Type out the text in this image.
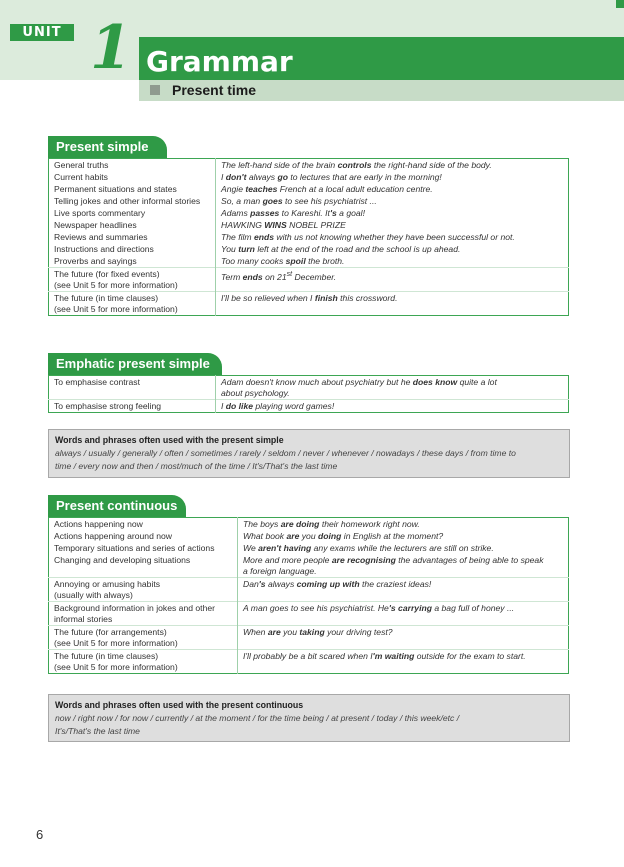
UNIT 1 Grammar
Present time
Present simple
General truths	The left-hand side of the brain controls the right-hand side of the body.

Current habits	I don't always go to lectures that are early in the morning!

Permanent situations and states	Angie teaches French at a local adult education centre.

Telling jokes and other informal stories	So, a man goes to see his psychiatrist ...

Live sports commentary	Adams passes to Kareshi. It's a goal!

Newspaper headlines	HAWKING WINS NOBEL PRIZE

Reviews and summaries	The film ends with us not knowing whether they have been successful or not.

Instructions and directions	You turn left at the end of the road and the school is up ahead.

Proverbs and sayings	Too many cooks spoil the broth.

The future (for fixed events)
(see Unit 5 for more information)	Term ends on 21st December.

The future (in time clauses)
(see Unit 5 for more information)	I'll be so relieved when I finish this crossword.
Emphatic present simple
To emphasise contrast	Adam doesn't know much about psychiatry but he does know quite a lot
about psychology.

To emphasise strong feeling	I do like playing word games!
Words and phrases often used with the present simple
always / usually / generally / often / sometimes / rarely / seldom / never / whenever / nowadays / these days / from time to
time / every now and then / most/much of the time / It's/That's the last time
Present continuous
Actions happening now	The boys are doing their homework right now.

Actions happening around now	What book are you doing in English at the moment?

Temporary situations and series of actions	We aren't having any exams while the lecturers are still on strike.

Changing and developing situations	More and more people are recognising the advantages of being able to speak
a foreign language.

Annoying or amusing habits
(usually with always)	Dan's always coming up with the craziest ideas!

Background information in jokes and other
informal stories	A man goes to see his psychiatrist. He's carrying a bag full of honey ...

The future (for arrangements)
(see Unit 5 for more information)	When are you taking your driving test?

The future (in time clauses)
(see Unit 5 for more information)	I'll probably be a bit scared when I'm waiting outside for the exam to start.
Words and phrases often used with the present continuous
now / right now / for now / currently / at the moment / for the time being / at present / today / this week/etc /
It's/That's the last time
6
